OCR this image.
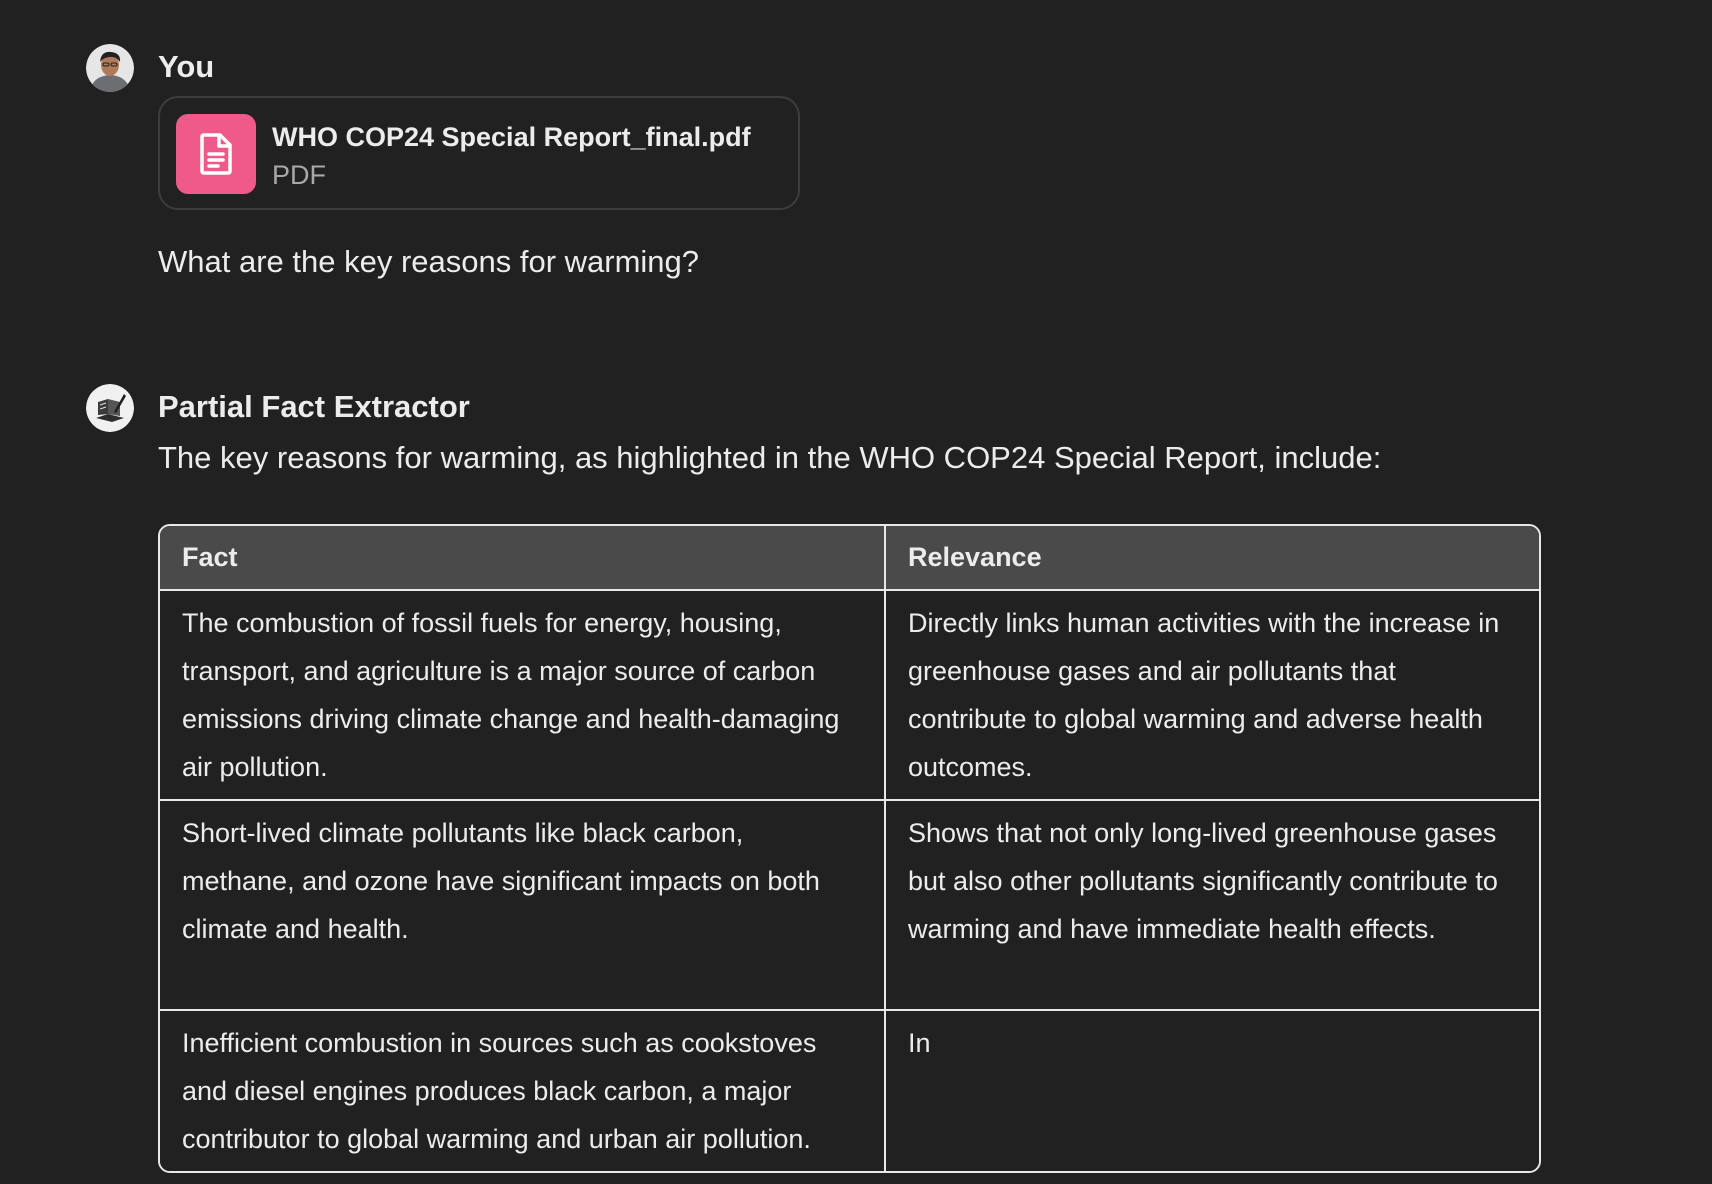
You
WHO COP24 Special Report_final.pdf
PDF
What are the key reasons for warming?
Partial Fact Extractor
The key reasons for warming, as highlighted in the WHO COP24 Special Report, include:
Fact	Relevance
The combustion of fossil fuels for energy, housing, transport, and agriculture is a major source of carbon emissions driving climate change and health-damaging air pollution.	Directly links human activities with the increase in greenhouse gases and air pollutants that contribute to global warming and adverse health outcomes.
Short-lived climate pollutants like black carbon, methane, and ozone have significant impacts on both climate and health.	Shows that not only long-lived greenhouse gases but also other pollutants significantly contribute to warming and have immediate health effects.
Inefficient combustion in sources such as cookstoves and diesel engines produces black carbon, a major contributor to global warming and urban air pollution.	In
